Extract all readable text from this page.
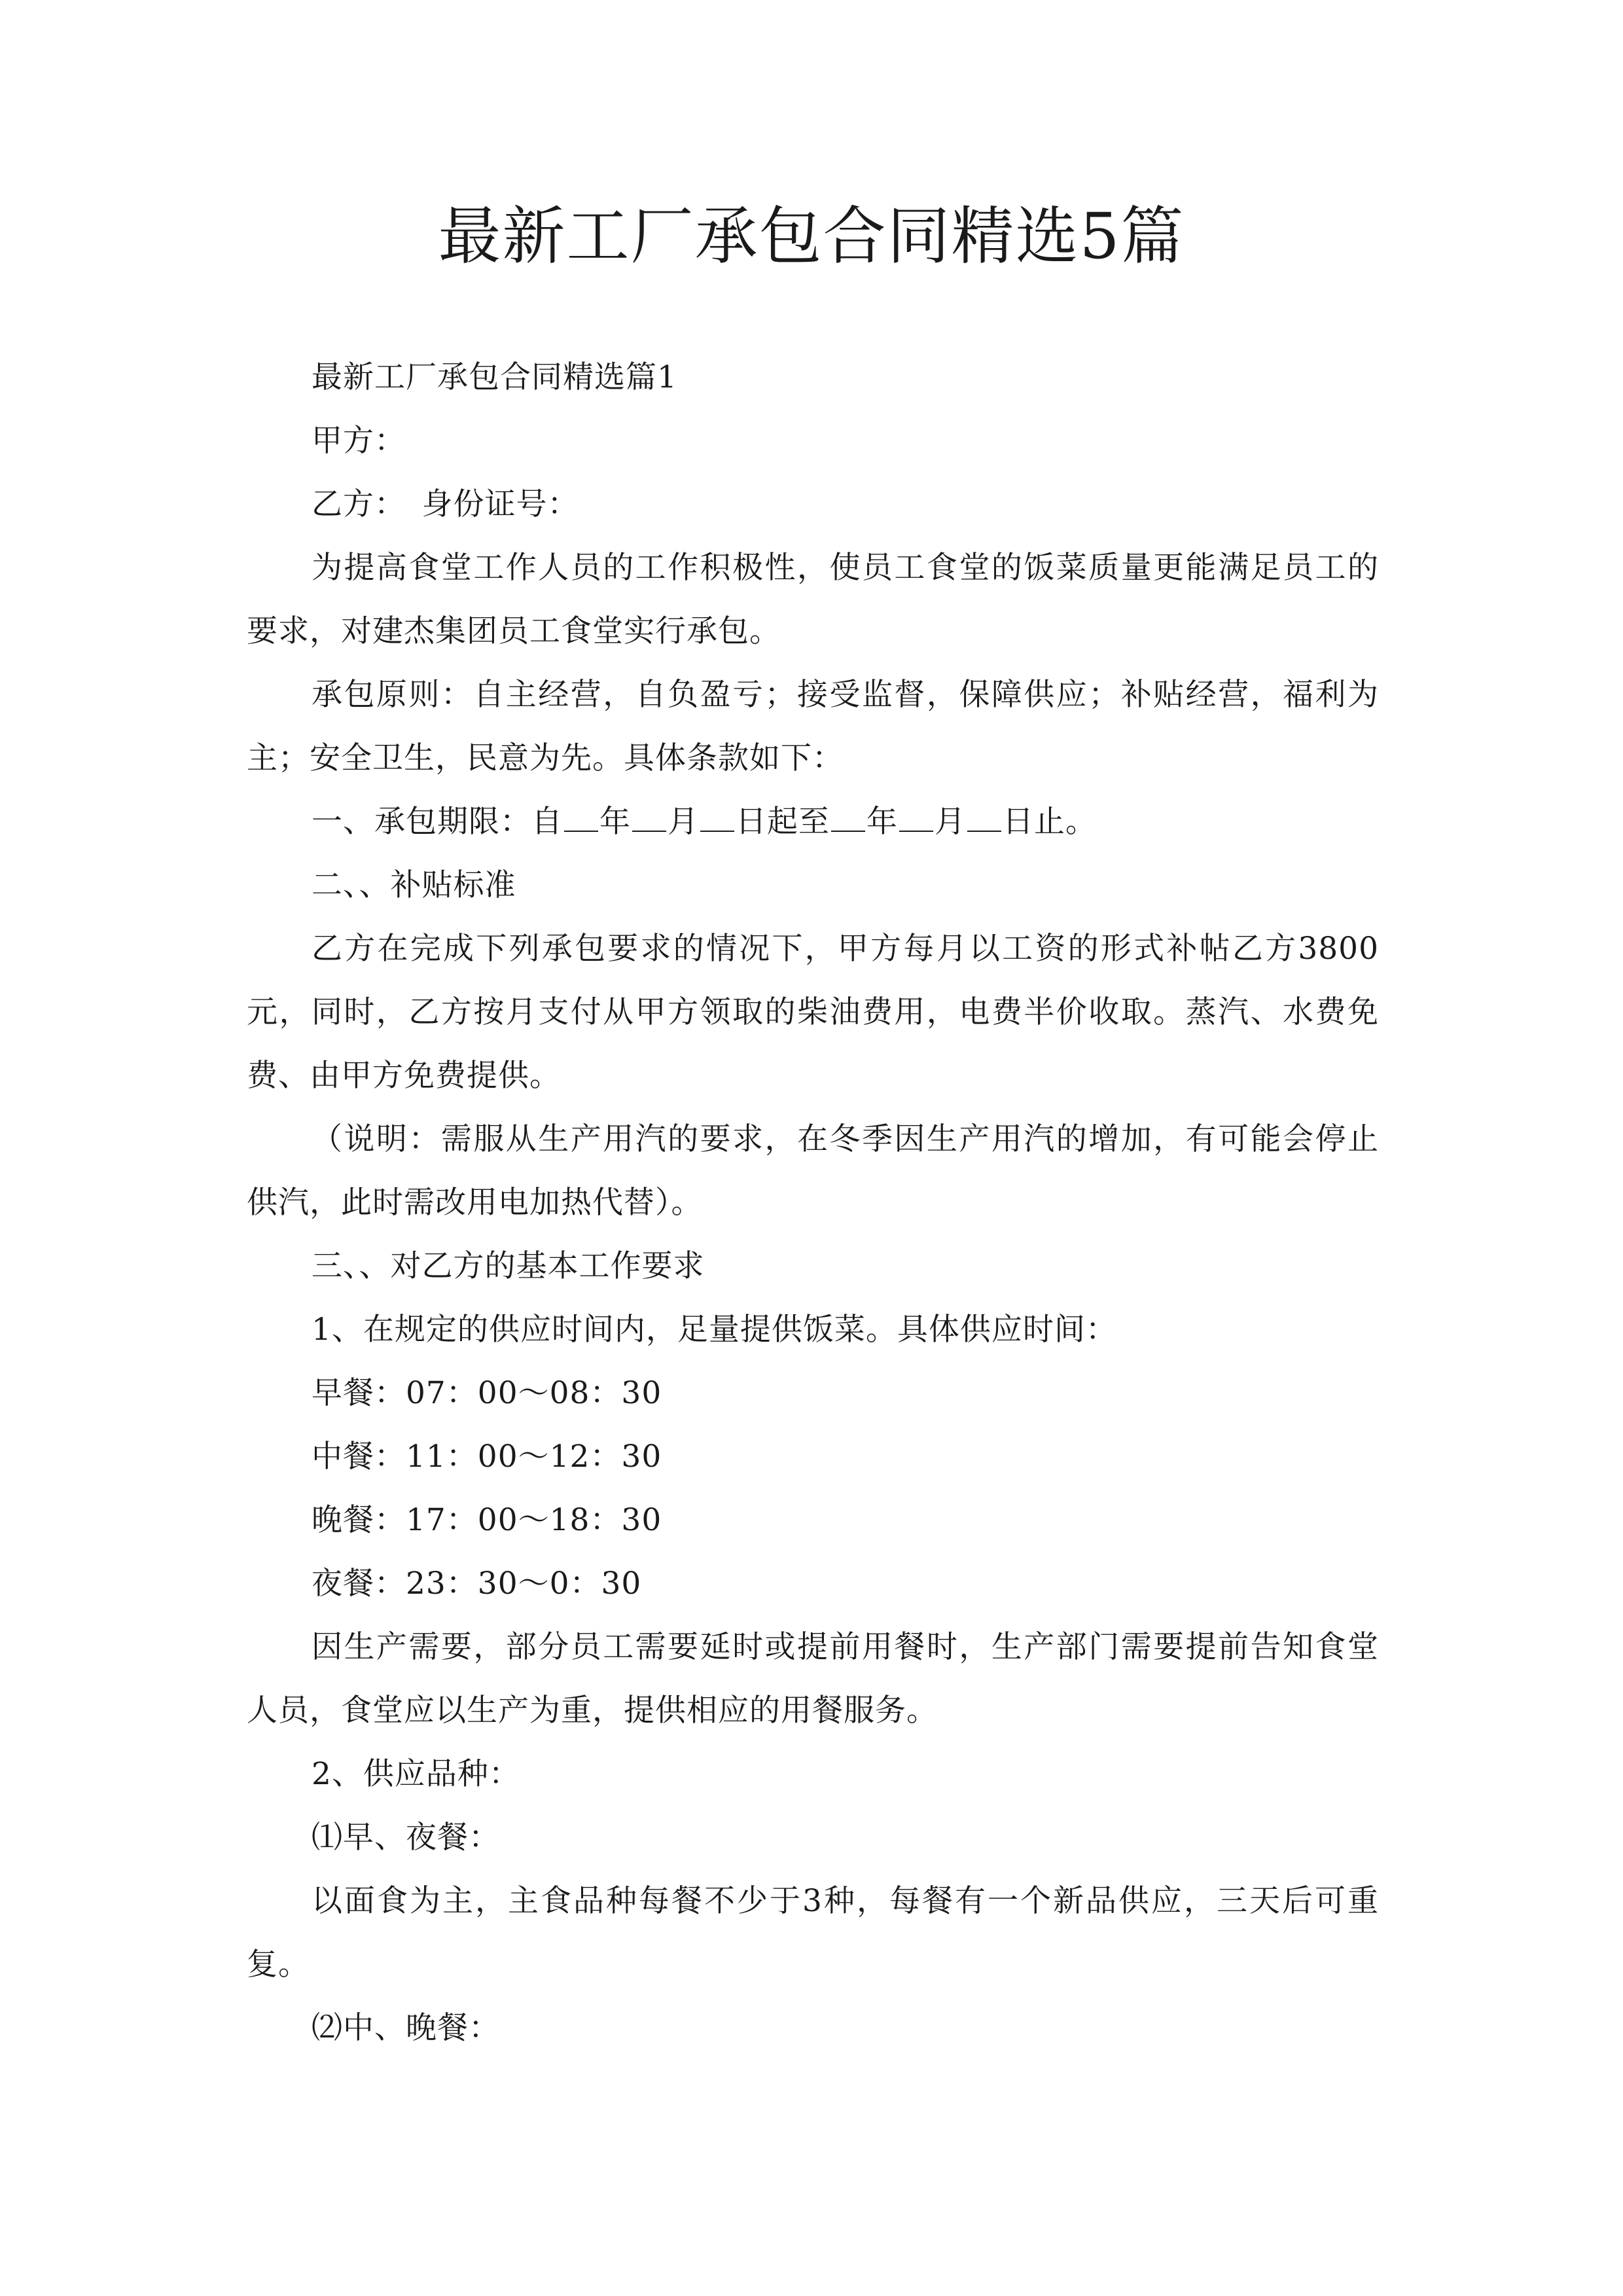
最新工厂承包合同精选5篇

最新工厂承包合同精选篇1

甲方：

乙方：　身份证号：

为提高食堂工作人员的工作积极性，使员工食堂的饭菜质量更能满足员工的要求，对建杰集团员工食堂实行承包。

承包原则：自主经营，自负盈亏；接受监督，保障供应；补贴经营，福利为主；安全卫生，民意为先。具体条款如下：

一、承包期限：自 年 月 日起至 年 月 日止。

二、、补贴标准

乙方在完成下列承包要求的情况下，甲方每月以工资的形式补帖乙方3800元，同时，乙方按月支付从甲方领取的柴油费用，电费半价收取。蒸汽、水费免费、由甲方免费提供。

（说明：需服从生产用汽的要求，在冬季因生产用汽的增加，有可能会停止供汽，此时需改用电加热代替）。

三、、对乙方的基本工作要求

1、在规定的供应时间内，足量提供饭菜。具体供应时间：

早餐：07：00～08：30

中餐：11：00～12：30

晚餐：17：00～18：30

夜餐：23：30～0：30

因生产需要，部分员工需要延时或提前用餐时，生产部门需要提前告知食堂人员，食堂应以生产为重，提供相应的用餐服务。

2、供应品种：

⑴早、夜餐：

以面食为主，主食品种每餐不少于3种，每餐有一个新品供应，三天后可重复。

⑵中、晚餐：
